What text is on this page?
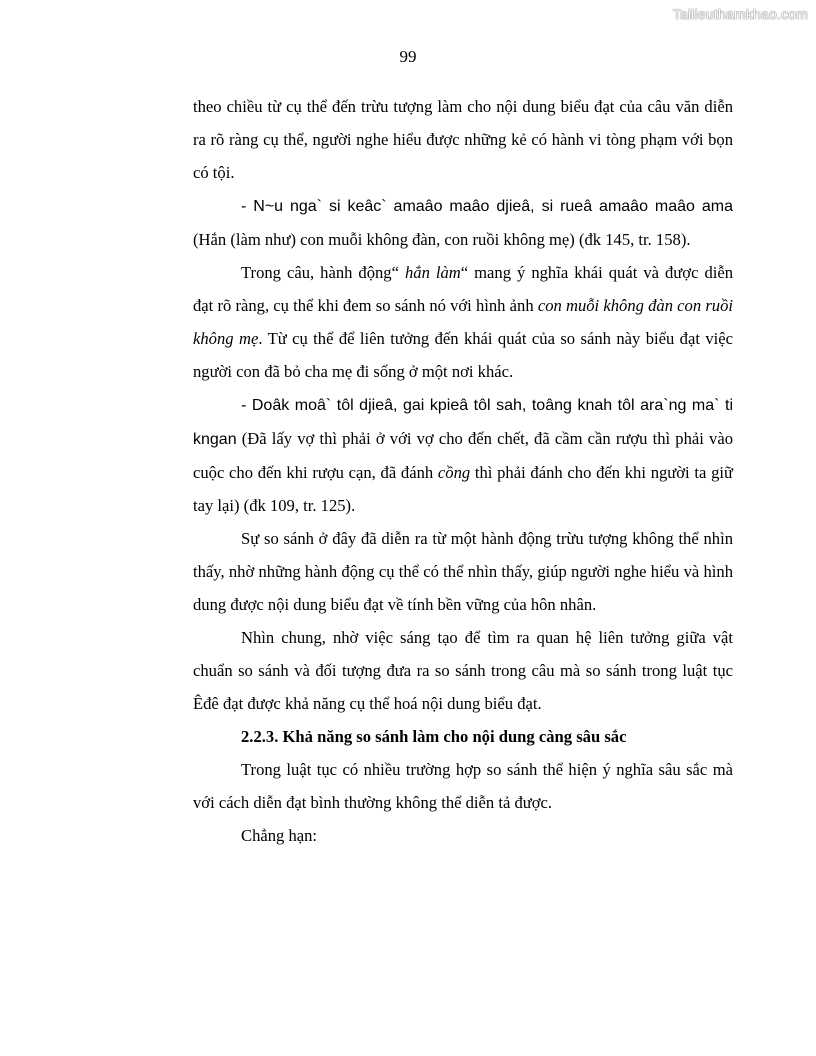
Tailieuthamkhao.com
99

theo chiều từ cụ thể đến trừu tượng làm cho nội dung biểu đạt của câu văn diễn ra rõ ràng cụ thể, người nghe hiểu được những kẻ có hành vi tòng phạm với bọn có tội.

- N~u nga` si keâc` amaâo maâo djieâ, si rueâ amaâo maâo ama (Hắn (làm như) con muỗi không đàn, con ruồi không mẹ) (đk 145, tr. 158).

Trong câu, hành động“ hắn làm“ mang ý nghĩa khái quát và được diễn đạt rõ ràng, cụ thể khi đem so sánh nó với hình ảnh con muỗi không đàn con ruồi không mẹ. Từ cụ thể để liên tưởng đến khái quát của so sánh này biểu đạt việc người con đã bỏ cha mẹ đi sống ở một nơi khác.

- Doâk moâ` tôl djieâ, gai kpieâ tôl sah, toâng knah tôl ara`ng ma` ti kngan (Đã lấy vợ thì phải ở với vợ cho đến chết, đã cầm cần rượu thì phải vào cuộc cho đến khi rượu cạn, đã đánh cồng thì phải đánh cho đến khi người ta giữ tay lại) (đk 109, tr. 125).

Sự so sánh ở đây đã diễn ra từ một hành động trừu tượng không thể nhìn thấy, nhờ những hành động cụ thể có thể nhìn thấy, giúp người nghe hiểu và hình dung được nội dung biểu đạt về tính bền vững của hôn nhân.

Nhìn chung, nhờ việc sáng tạo để tìm ra quan hệ liên tưởng giữa vật chuẩn so sánh và đối tượng đưa ra so sánh trong câu mà so sánh trong luật tục Êđê đạt được khả năng cụ thể hoá nội dung biểu đạt.

2.2.3. Khả năng so sánh làm cho nội dung càng sâu sắc

Trong luật tục có nhiều trường hợp so sánh thể hiện ý nghĩa sâu sắc mà với cách diễn đạt bình thường không thể diễn tả được.

Chẳng hạn:
